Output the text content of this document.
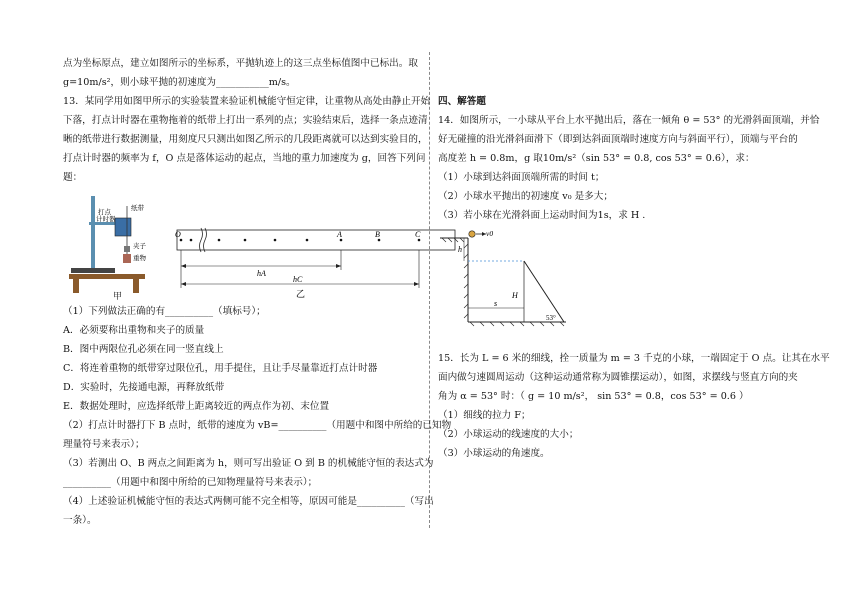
点为坐标原点，建立如图所示的坐标系，平抛轨迹上的这三点坐标值图中已标出。取
g=10m/s²，则小球平抛的初速度为___________m/s。
13．某同学用如图甲所示的实验装置来验证机械能守恒定律，让重物从高处由静止开始
下落，打点计时器在重物拖着的纸带上打出一系列的点；实验结束后，选择一条点迹清
晰的纸带进行数据测量，用刻度尺只测出如图乙所示的几段距离就可以达到实验目的，
打点计时器的频率为 f，O 点是落体运动的起点，当地的重力加速度为 g，回答下列问
题：
打点
计时器
纸带
夹子
重物
甲
O	A	B	C
hA
hC
乙
（1）下列做法正确的有__________（填标号）；
A．必须要称出重物和夹子的质量
B．图中两限位孔必须在同一竖直线上
C．将连着重物的纸带穿过限位孔，用手提住，且让手尽量靠近打点计时器
D．实验时，先接通电源，再释放纸带
E．数据处理时，应选择纸带上距离较近的两点作为初、末位置
（2）打点计时器打下 B 点时，纸带的速度为 vB=__________（用题中和图中所给的已知物
理量符号来表示）；
（3）若测出 O、B 两点之间距离为 h，则可写出验证 O 到 B 的机械能守恒的表达式为
__________（用题中和图中所给的已知物理量符号来表示）；
（4）上述验证机械能守恒的表达式两侧可能不完全相等，原因可能是__________（写出
一条）。
四、解答题
14．如图所示，一小球从平台上水平抛出后，落在一倾角 θ = 53° 的光滑斜面顶端，并恰
好无碰撞的沿光滑斜面滑下（即到达斜面顶端时速度方向与斜面平行），顶端与平台的
高度差 h = 0.8m，g 取10m/s²（sin 53° = 0.8, cos 53° = 0.6），求：
（1）小球到达斜面顶端所需的时间 t；
（2）小球水平抛出的初速度 v₀ 是多大；
（3）若小球在光滑斜面上运动时间为1s，求 H .
v0
h
s
H
53°
15．长为 L = 6 米的细线，拴一质量为 m = 3 千克的小球，一端固定于 O 点。让其在水平
面内做匀速圆周运动（这种运动通常称为圆锥摆运动），如图，求摆线与竖直方向的夹
角为 α = 53° 时：（ g = 10 m/s²， sin 53° = 0.8，cos 53° = 0.6 ）
（1）细线的拉力 F；
（2）小球运动的线速度的大小；
（3）小球运动的角速度。
